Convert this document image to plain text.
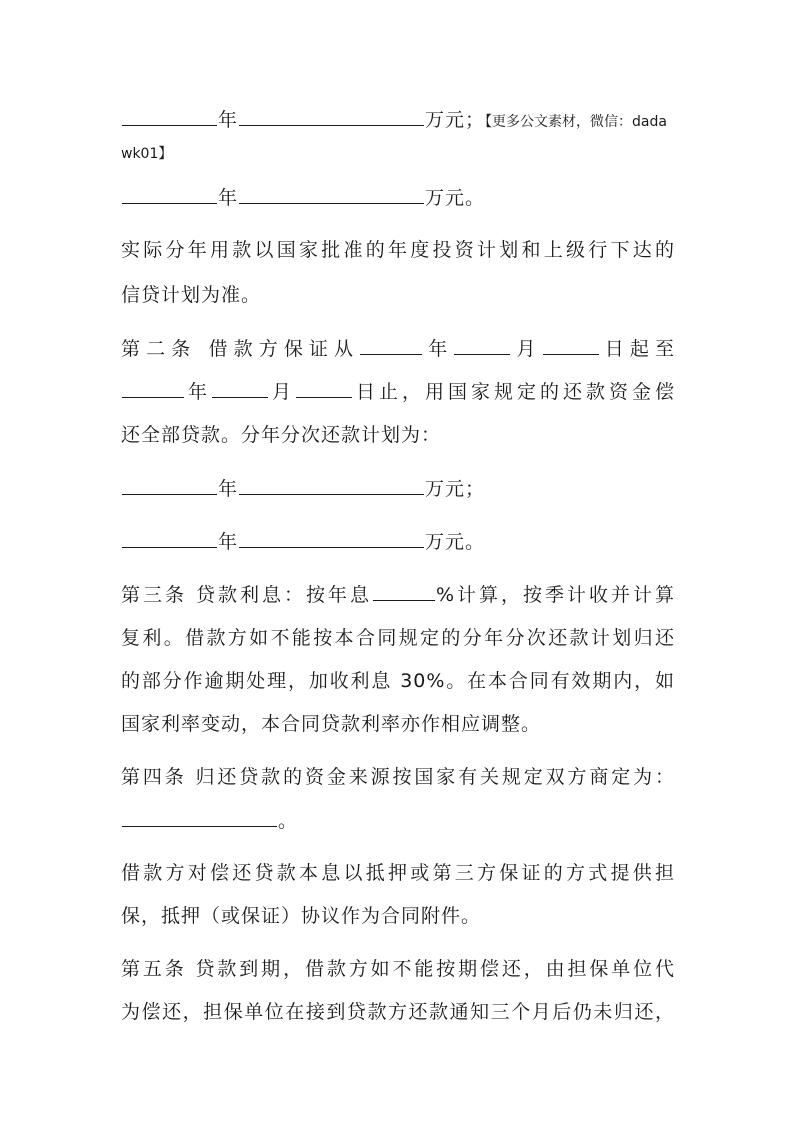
年	万元；【更多公文素材，微信：dada
wk01】
年	万元。
实际分年用款以国家批准的年度投资计划和上级行下达的
信贷计划为准。
第二条 借款方保证从	年	月	日起至
年	月	日止，用国家规定的还款资金偿
还全部贷款。分年分次还款计划为：
年	万元；
年	万元。
第三条 贷款利息：按年息	%计算，按季计收并计算
复利。借款方如不能按本合同规定的分年分次还款计划归还
的部分作逾期处理，加收利息 30%。在本合同有效期内，如
国家利率变动，本合同贷款利率亦作相应调整。
第四条 归还贷款的资金来源按国家有关规定双方商定为：
。
借款方对偿还贷款本息以抵押或第三方保证的方式提供担
保，抵押（或保证）协议作为合同附件。
第五条 贷款到期，借款方如不能按期偿还，由担保单位代
为偿还，担保单位在接到贷款方还款通知三个月后仍未归还，
